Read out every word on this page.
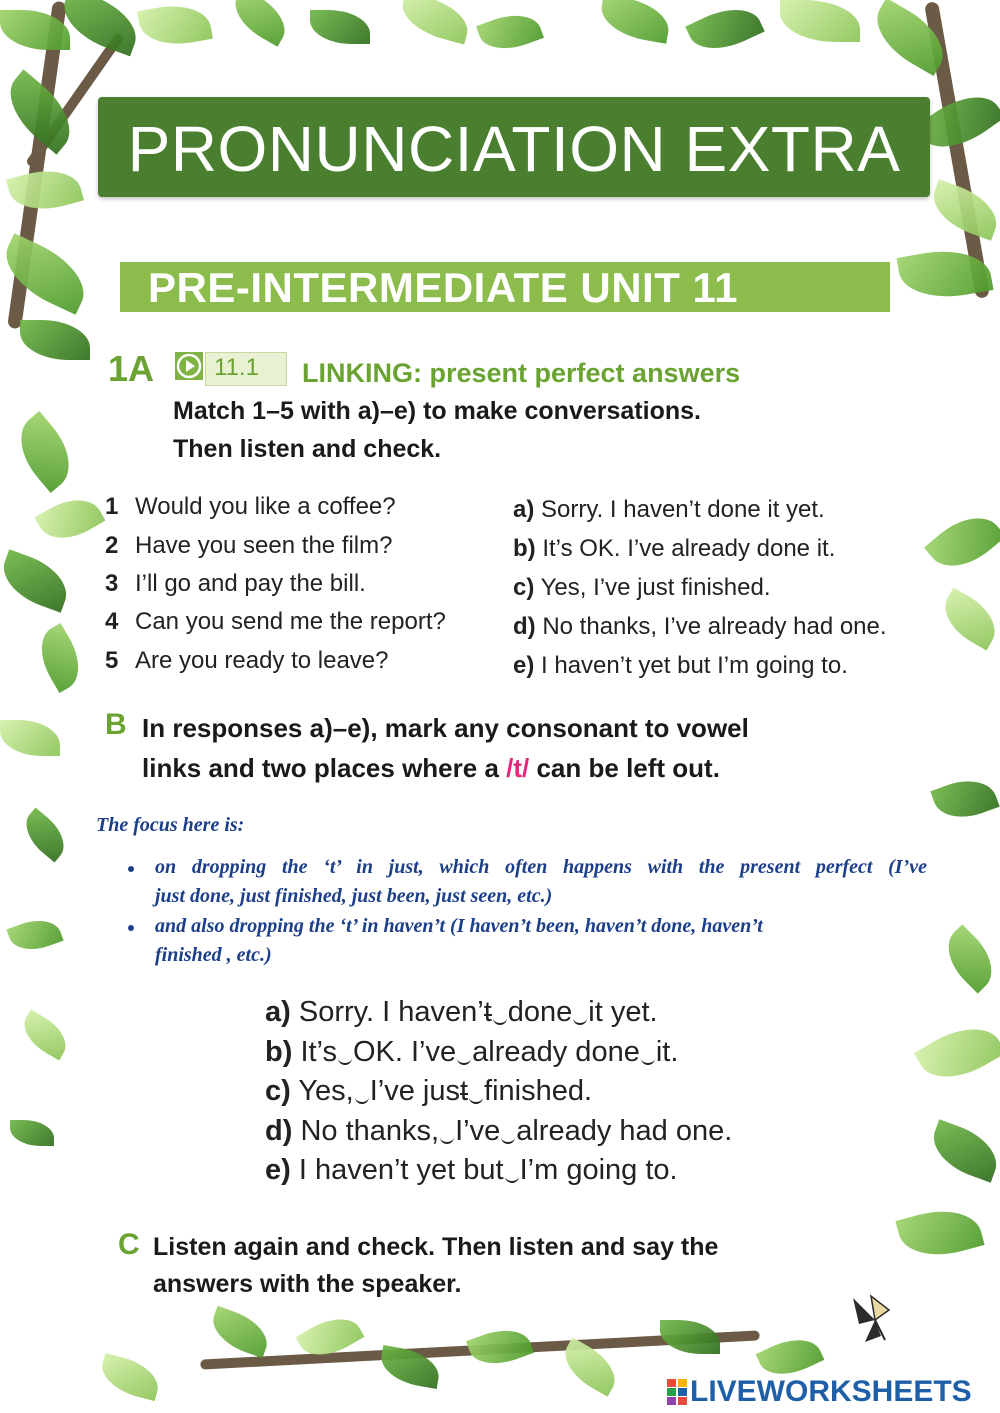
PRONUNCIATION EXTRA
PRE-INTERMEDIATE UNIT 11
1A 11.1 LINKING: present perfect answers
Match 1–5 with a)–e) to make conversations.
Then listen and check.
1 Would you like a coffee?
2 Have you seen the film?
3 I’ll go and pay the bill.
4 Can you send me the report?
5 Are you ready to leave?
a) Sorry. I haven’t done it yet.
b) It’s OK. I’ve already done it.
c) Yes, I’ve just finished.
d) No thanks, I’ve already had one.
e) I haven’t yet but I’m going to.
B In responses a)–e), mark any consonant to vowel
links and two places where a /t/ can be left out.
The focus here is:
on dropping the ‘t’ in just, which often happens with the present perfect (I’ve
just done, just finished, just been, just seen, etc.)
and also dropping the ‘t’ in haven’t (I haven’t been, haven’t done, haven’t
finished , etc.)
a) Sorry. I haven’t done it yet.
b) It’s OK. I’ve already done it.
c) Yes, I’ve just finished.
d) No thanks, I’ve already had one.
e) I haven’t yet but I’m going to.
C Listen again and check. Then listen and say the
answers with the speaker.
LIVEWORKSHEETS
